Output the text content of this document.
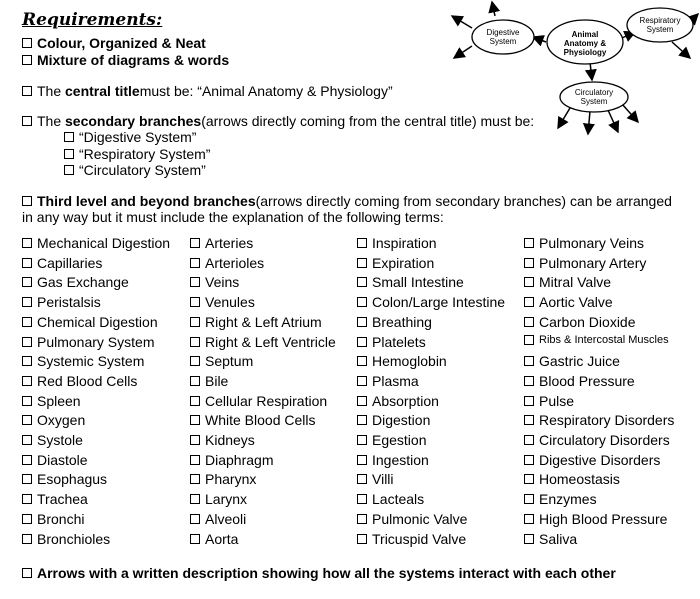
Requirements:
Colour, Organized & Neat
Mixture of diagrams & words
The
central title must be: “Animal Anatomy & Physiology”
The
secondary branches (arrows directly coming from the central title) must be:
“Digestive System”
“Respiratory System”
“Circulatory System”
Third level and beyond branches (arrows directly coming from secondary branches) can be arranged
in any way but it must include the explanation of the following terms:
Mechanical Digestion
Capillaries
Gas Exchange
Peristalsis
Chemical Digestion
Pulmonary System
Systemic System
Red Blood Cells
Spleen
Oxygen
Systole
Diastole
Esophagus
Trachea
Bronchi
Bronchioles
Arteries
Arterioles
Veins
Venules
Right & Left Atrium
Right & Left Ventricle
Septum
Bile
Cellular Respiration
White Blood Cells
Kidneys
Diaphragm
Pharynx
Larynx
Alveoli
Aorta
Inspiration
Expiration
Small Intestine
Colon/Large Intestine
Breathing
Platelets
Hemoglobin
Plasma
Absorption
Digestion
Egestion
Ingestion
Villi
Lacteals
Pulmonic Valve
Tricuspid Valve
Pulmonary Veins
Pulmonary Artery
Mitral Valve
Aortic Valve
Carbon Dioxide
Ribs & Intercostal Muscles
Gastric Juice
Blood Pressure
Pulse
Respiratory Disorders
Circulatory Disorders
Digestive Disorders
Homeostasis
Enzymes
High Blood Pressure
Saliva
Arrows with a written description showing how all the systems interact with each other
Digestive
System
Animal
Anatomy &
Physiology
Respiratory
System
Circulatory
System
